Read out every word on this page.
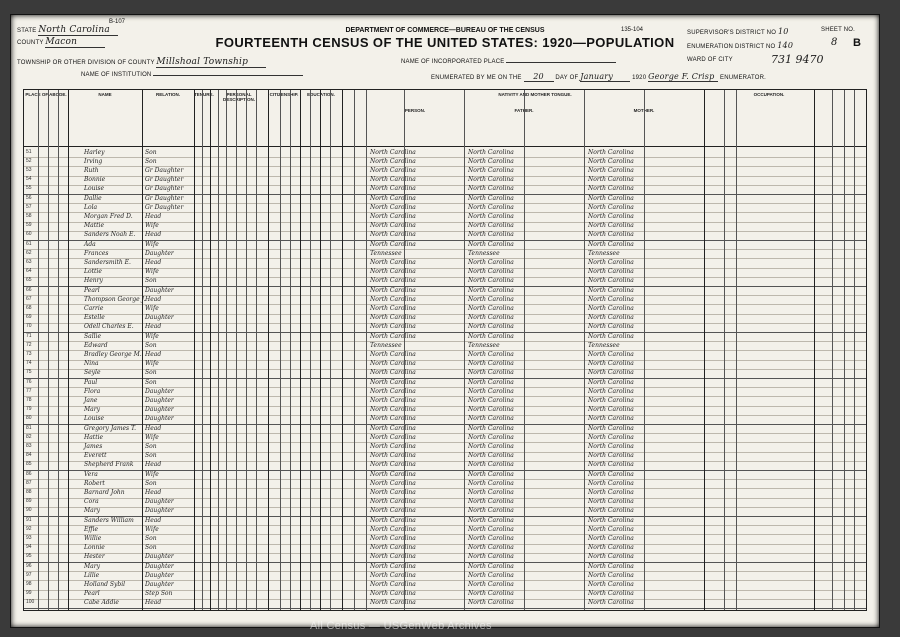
B-107
DEPARTMENT OF COMMERCE—BUREAU OF THE CENSUS	135-104
FOURTEENTH CENSUS OF THE UNITED STATES: 1920—POPULATION
STATE North Carolina
COUNTY Macon
TOWNSHIP OR OTHER DIVISION OF COUNTY Millshoal Township
NAME OF INSTITUTION
NAME OF INCORPORATED PLACE
ENUMERATED BY ME ON THE 20 DAY OF January	1920 George F. Crisp ENUMERATOR.
SUPERVISOR'S DISTRICT NO 10
ENUMERATION DISTRICT NO 140
SHEET NO.
8 B
WARD OF CITY	731 9470
PLACE OF ABODE.	NAME	RELATION.	TENURE.	PERSONAL DESCRIPTION.
CITIZENSHIP.	EDUCATION.	NATIVITY AND MOTHER TONGUE.	OCCUPATION.
PERSON.	FATHER.	MOTHER.
51	Harley	Son	North Carolina	North Carolina	North Carolina
52	Irving	Son	North Carolina	North Carolina	North Carolina
53	Ruth	Gr Daughter	North Carolina	North Carolina	North Carolina
54	Bonnie	Gr Daughter	North Carolina	North Carolina	North Carolina
55	Louise	Gr Daughter	North Carolina	North Carolina	North Carolina
56	Dallie	Gr Daughter	North Carolina	North Carolina	North Carolina
57	Lola	Gr Daughter	North Carolina	North Carolina	North Carolina
58	Morgan Fred D. Head	North Carolina	North Carolina	North Carolina
59	Mattie	Wife	North Carolina	North Carolina	North Carolina
60	Sanders Noah E. Head	North Carolina	North Carolina	North Carolina
61	Ada	Wife	North Carolina	North Carolina	North Carolina
62	Frances	Daughter	Tennessee	Tennessee	Tennessee
63	Sandersmith E. Head	North Carolina	North Carolina	North Carolina
64	Lottie	Wife	North Carolina	North Carolina	North Carolina
65	Henry	Son	North Carolina	North Carolina	North Carolina
66	Pearl	Daughter	North Carolina	North Carolina	North Carolina
67	Thompson George J. Head	North Carolina	North Carolina	North Carolina
68	Carrie	Wife	North Carolina	North Carolina	North Carolina
69	Estelle	Daughter	North Carolina	North Carolina	North Carolina
70	Odell Charles E. Head	North Carolina	North Carolina	North Carolina
71	Sallie	Wife	North Carolina	North Carolina	North Carolina
72	Edward	Son	Tennessee	Tennessee	Tennessee
73	Bradley George M. Head	North Carolina	North Carolina	North Carolina
74	Nina	Wife	North Carolina	North Carolina	North Carolina
75	Seyle	Son	North Carolina	North Carolina	North Carolina
76	Paul	Son	North Carolina	North Carolina	North Carolina
77	Flora	Daughter	North Carolina	North Carolina	North Carolina
78	Jane	Daughter	North Carolina	North Carolina	North Carolina
79	Mary	Daughter	North Carolina	North Carolina	North Carolina
80	Louise	Daughter	North Carolina	North Carolina	North Carolina
81	Gregory James T. Head	North Carolina	North Carolina	North Carolina
82	Hattie	Wife	North Carolina	North Carolina	North Carolina
83	James	Son	North Carolina	North Carolina	North Carolina
84	Everett	Son	North Carolina	North Carolina	North Carolina
85	Shepherd Frank Head	North Carolina	North Carolina	North Carolina
86	Vera	Wife	North Carolina	North Carolina	North Carolina
87	Robert	Son	North Carolina	North Carolina	North Carolina
88	Barnard John	Head	North Carolina	North Carolina	North Carolina
89	Cora	Daughter	North Carolina	North Carolina	North Carolina
90	Mary	Daughter	North Carolina	North Carolina	North Carolina
91	Sanders William Head	North Carolina	North Carolina	North Carolina
92	Effie	Wife	North Carolina	North Carolina	North Carolina
93	Willie	Son	North Carolina	North Carolina	North Carolina
94	Lonnie	Son	North Carolina	North Carolina	North Carolina
95	Hester	Daughter	North Carolina	North Carolina	North Carolina
96	Mary	Daughter	North Carolina	North Carolina	North Carolina
97	Lillie	Daughter	North Carolina	North Carolina	North Carolina
98	Holland Sybil	Daughter	North Carolina	North Carolina	North Carolina
99	Pearl	Step Son	North Carolina	North Carolina	North Carolina
100	Cabe Addie	Head	North Carolina	North Carolina	North Carolina
All Census — USGenWeb Archives
